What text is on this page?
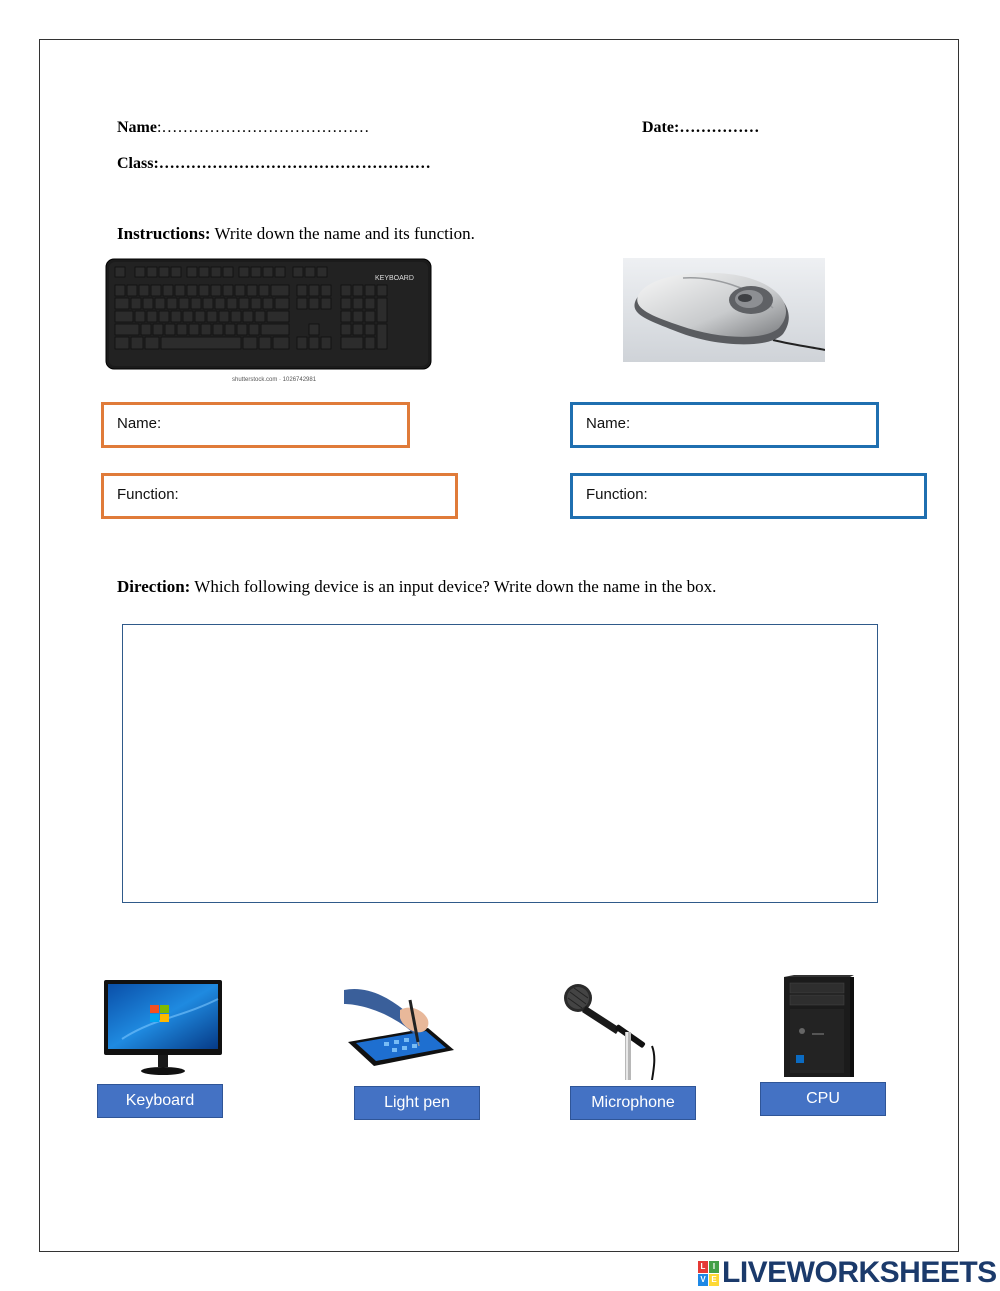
Name:…………………………………	Date:……………
Class:……………………………………………
Instructions: Write down the name and its function.
KEYBOARD
shutterstock.com · 1026742981
Name:
Function:
Name:
Function:
Direction: Which following device is an input device? Write down the name in the box.
Keyboard	Light pen	Microphone	CPU
L I
V E LIVEWORKSHEETS
